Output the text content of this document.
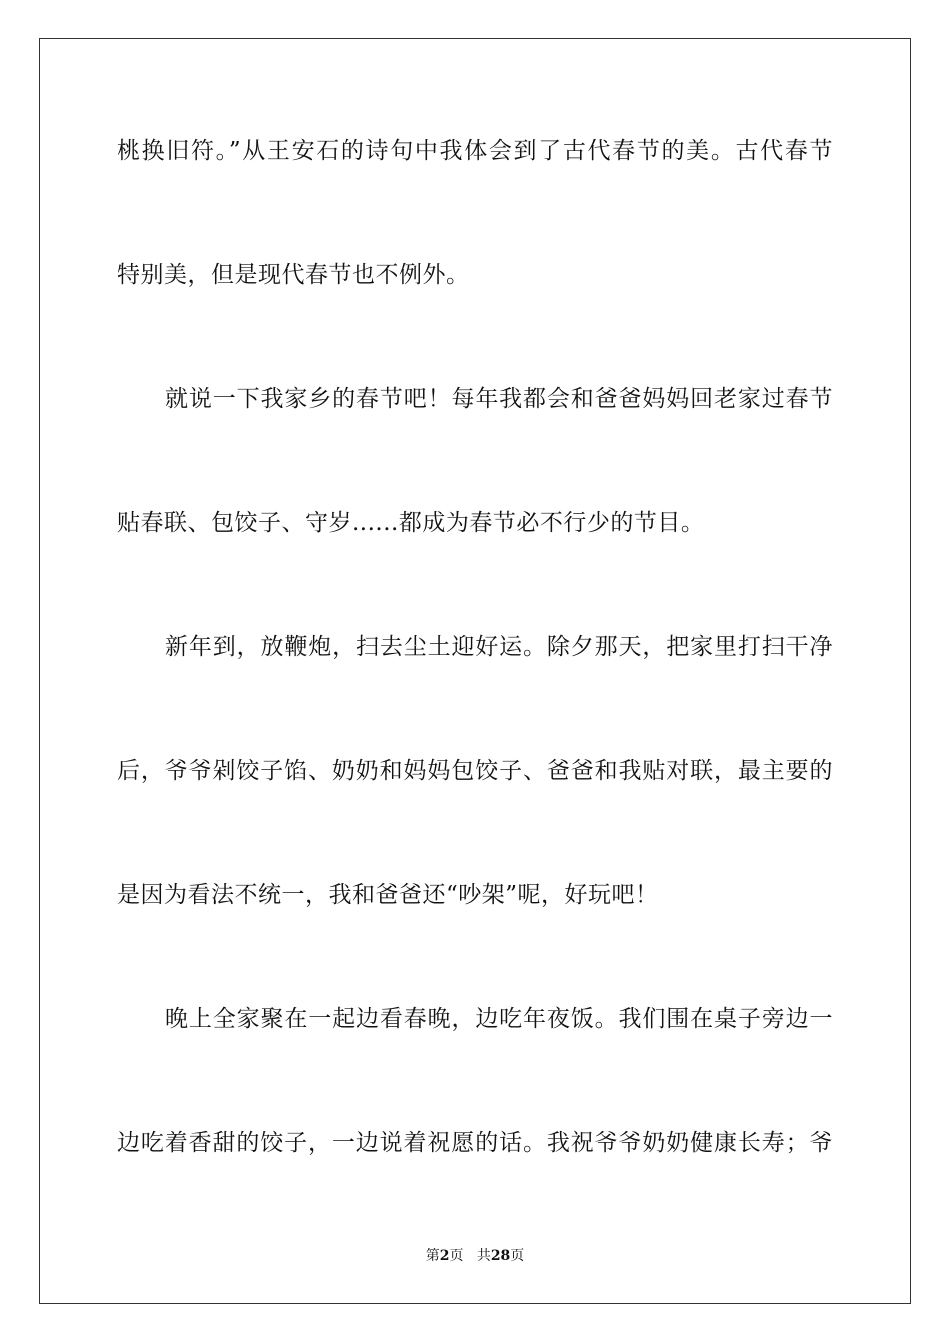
桃换旧符。”从王安石的诗句中我体会到了古代春节的美。古代春节

特别美，但是现代春节也不例外。

就说一下我家乡的春节吧！每年我都会和爸爸妈妈回老家过春节

贴春联、包饺子、守岁......都成为春节必不行少的节目。

新年到，放鞭炮，扫去尘土迎好运。除夕那天，把家里打扫干净

后，爷爷剁饺子馅、奶奶和妈妈包饺子、爸爸和我贴对联，最主要的

是因为看法不统一，我和爸爸还“吵架”呢，好玩吧！

晚上全家聚在一起边看春晚，边吃年夜饭。我们围在桌子旁边一

边吃着香甜的饺子，一边说着祝愿的话。我祝爷爷奶奶健康长寿；爷

第2页 共28页
